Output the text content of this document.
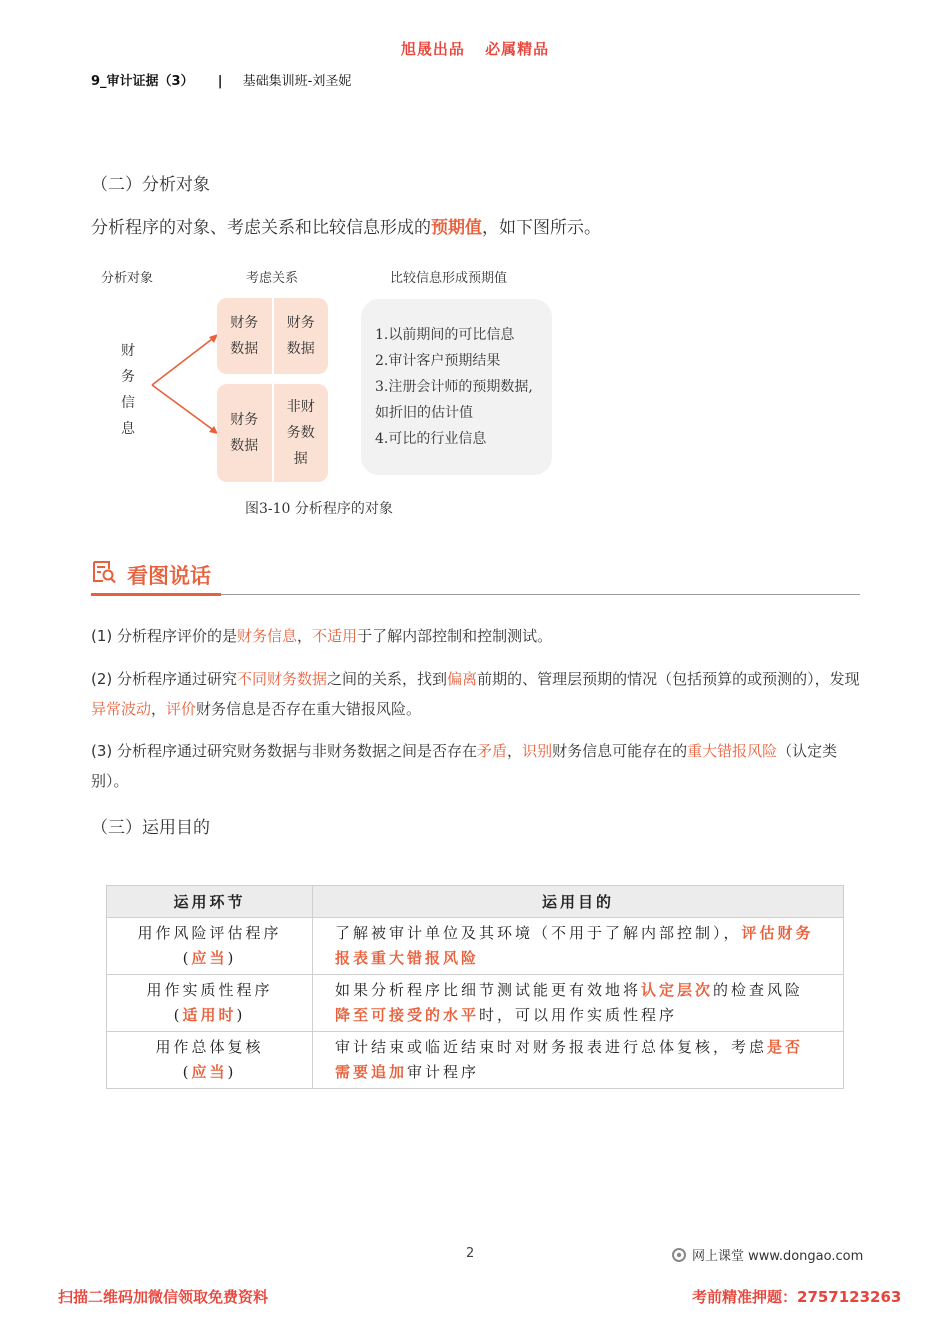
旭晟出品 必属精品
9_审计证据（3） | 基础集训班-刘圣妮
（二）分析对象
分析程序的对象、考虑关系和比较信息形成的预期值，如下图所示。
分析对象	考虑关系	比较信息形成预期值
财
务
信
息
财务
数据
财务
数据
财务
数据
非财
务数
据
1.以前期间的可比信息
2.审计客户预期结果
3.注册会计师的预期数据,
如折旧的估计值
4.可比的行业信息
图3-10 分析程序的对象
看图说话
(1) 分析程序评价的是财务信息，不适用于了解内部控制和控制测试。
(2) 分析程序通过研究不同财务数据之间的关系，找到偏离前期的、管理层预期的情况（包括预算的或预测的），发现异常波动，评价财务信息是否存在重大错报风险。
(3) 分析程序通过研究财务数据与非财务数据之间是否存在矛盾，识别财务信息可能存在的重大错报风险（认定类别）。
（三）运用目的
运用环节	运用目的

用作风险评估程序
(应当)	了解被审计单位及其环境（不用于了解内部控制），评估财务报表重大错报风险

用作实质性程序
(适用时)	如果分析程序比细节测试能更有效地将认定层次的检查风险降至可接受的水平时，可以用作实质性程序

用作总体复核
(应当)	审计结束或临近结束时对财务报表进行总体复核，考虑是否需要追加审计程序
2	网上课堂 www.dongao.com
扫描二维码加微信领取免费资料	考前精准押题：2757123263
